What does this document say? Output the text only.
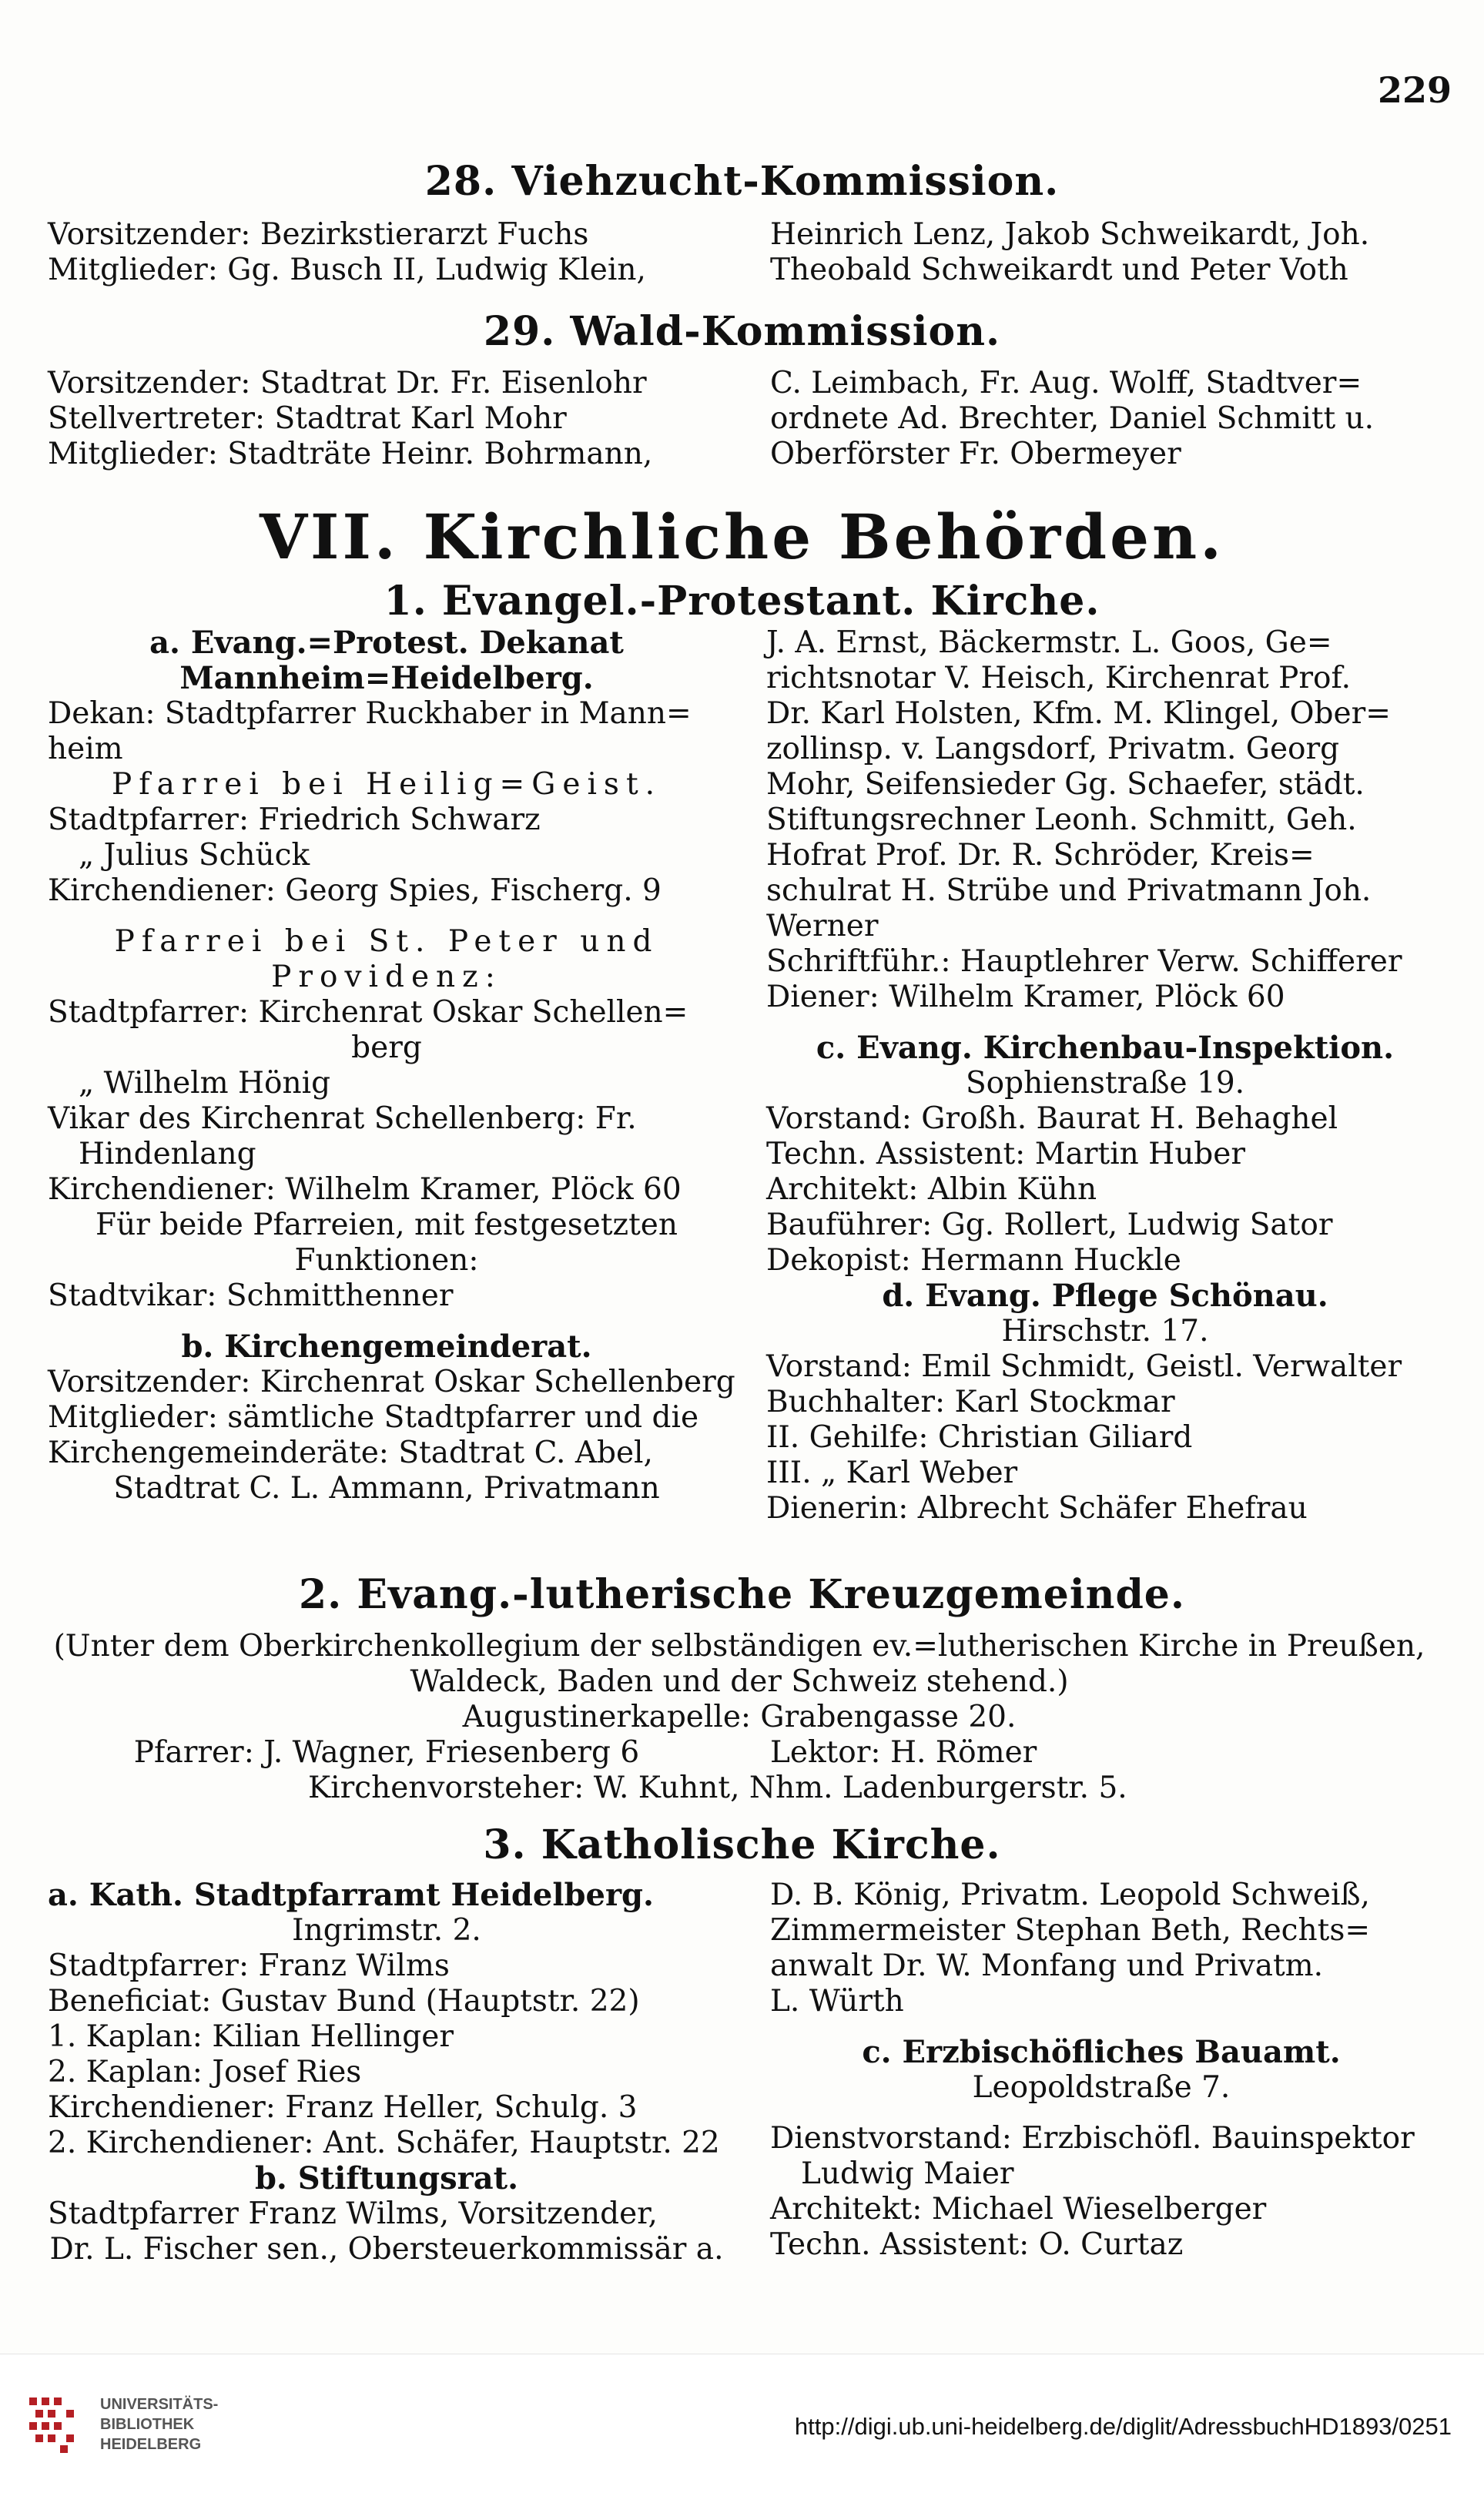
229
28. Viehzucht-Kommission.
Vorsitzender: Bezirkstierarzt Fuchs
Mitglieder: Gg. Busch II, Ludwig Klein,
Heinrich Lenz, Jakob Schweikardt, Joh.
Theobald Schweikardt und Peter Voth
29. Wald-Kommission.
Vorsitzender: Stadtrat Dr. Fr. Eisenlohr
Stellvertreter: Stadtrat Karl Mohr
Mitglieder: Stadträte Heinr. Bohrmann,
C. Leimbach, Fr. Aug. Wolff, Stadtver=
ordnete Ad. Brechter, Daniel Schmitt u.
Oberförster Fr. Obermeyer
VII. Kirchliche Behörden.
1. Evangel.-Protestant. Kirche.
a. Evang.=Protest. Dekanat
Mannheim=Heidelberg.
Dekan: Stadtpfarrer Ruckhaber in Mann=
heim
Pfarrei bei Heilig=Geist.
Stadtpfarrer: Friedrich Schwarz
„ Julius Schück
Kirchendiener: Georg Spies, Fischerg. 9
Pfarrei bei St. Peter und
Providenz:
Stadtpfarrer: Kirchenrat Oskar Schellen=
berg
„ Wilhelm Hönig
Vikar des Kirchenrat Schellenberg: Fr.
Hindenlang
Kirchendiener: Wilhelm Kramer, Plöck 60
Für beide Pfarreien, mit festgesetzten
Funktionen:
Stadtvikar: Schmitthenner
b. Kirchengemeinderat.
Vorsitzender: Kirchenrat Oskar Schellenberg
Mitglieder: sämtliche Stadtpfarrer und die
Kirchengemeinderäte: Stadtrat C. Abel,
Stadtrat C. L. Ammann, Privatmann
J. A. Ernst, Bäckermstr. L. Goos, Ge=
richtsnotar V. Heisch, Kirchenrat Prof.
Dr. Karl Holsten, Kfm. M. Klingel, Ober=
zollinsp. v. Langsdorf, Privatm. Georg
Mohr, Seifensieder Gg. Schaefer, städt.
Stiftungsrechner Leonh. Schmitt, Geh.
Hofrat Prof. Dr. R. Schröder, Kreis=
schulrat H. Strübe und Privatmann Joh.
Werner
Schriftführ.: Hauptlehrer Verw. Schifferer
Diener: Wilhelm Kramer, Plöck 60
c. Evang. Kirchenbau-Inspektion.
Sophienstraße 19.
Vorstand: Großh. Baurat H. Behaghel
Techn. Assistent: Martin Huber
Architekt: Albin Kühn
Bauführer: Gg. Rollert, Ludwig Sator
Dekopist: Hermann Huckle
d. Evang. Pflege Schönau.
Hirschstr. 17.
Vorstand: Emil Schmidt, Geistl. Verwalter
Buchhalter: Karl Stockmar
II. Gehilfe: Christian Giliard
III. „ Karl Weber
Dienerin: Albrecht Schäfer Ehefrau
2. Evang.-lutherische Kreuzgemeinde.
(Unter dem Oberkirchenkollegium der selbständigen ev.=lutherischen Kirche in Preußen,
Waldeck, Baden und der Schweiz stehend.)
Augustinerkapelle: Grabengasse 20.
Pfarrer: J. Wagner, Friesenberg 6	Lektor: H. Römer
Kirchenvorsteher: W. Kuhnt, Nhm. Ladenburgerstr. 5.
3. Katholische Kirche.
a. Kath. Stadtpfarramt Heidelberg.
Ingrimstr. 2.
Stadtpfarrer: Franz Wilms
Beneficiat: Gustav Bund (Hauptstr. 22)
1. Kaplan: Kilian Hellinger
2. Kaplan: Josef Ries
Kirchendiener: Franz Heller, Schulg. 3
2. Kirchendiener: Ant. Schäfer, Hauptstr. 22
b. Stiftungsrat.
Stadtpfarrer Franz Wilms, Vorsitzender,
Dr. L. Fischer sen., Obersteuerkommissär a.
D. B. König, Privatm. Leopold Schweiß,
Zimmermeister Stephan Beth, Rechts=
anwalt Dr. W. Monfang und Privatm.
L. Würth
c. Erzbischöfliches Bauamt.
Leopoldstraße 7.
Dienstvorstand: Erzbischöfl. Bauinspektor
Ludwig Maier
Architekt: Michael Wieselberger
Techn. Assistent: O. Curtaz
UNIVERSITÄTS-
BIBLIOTHEK
HEIDELBERG
http://digi.ub.uni-heidelberg.de/diglit/AdressbuchHD1893/0251
